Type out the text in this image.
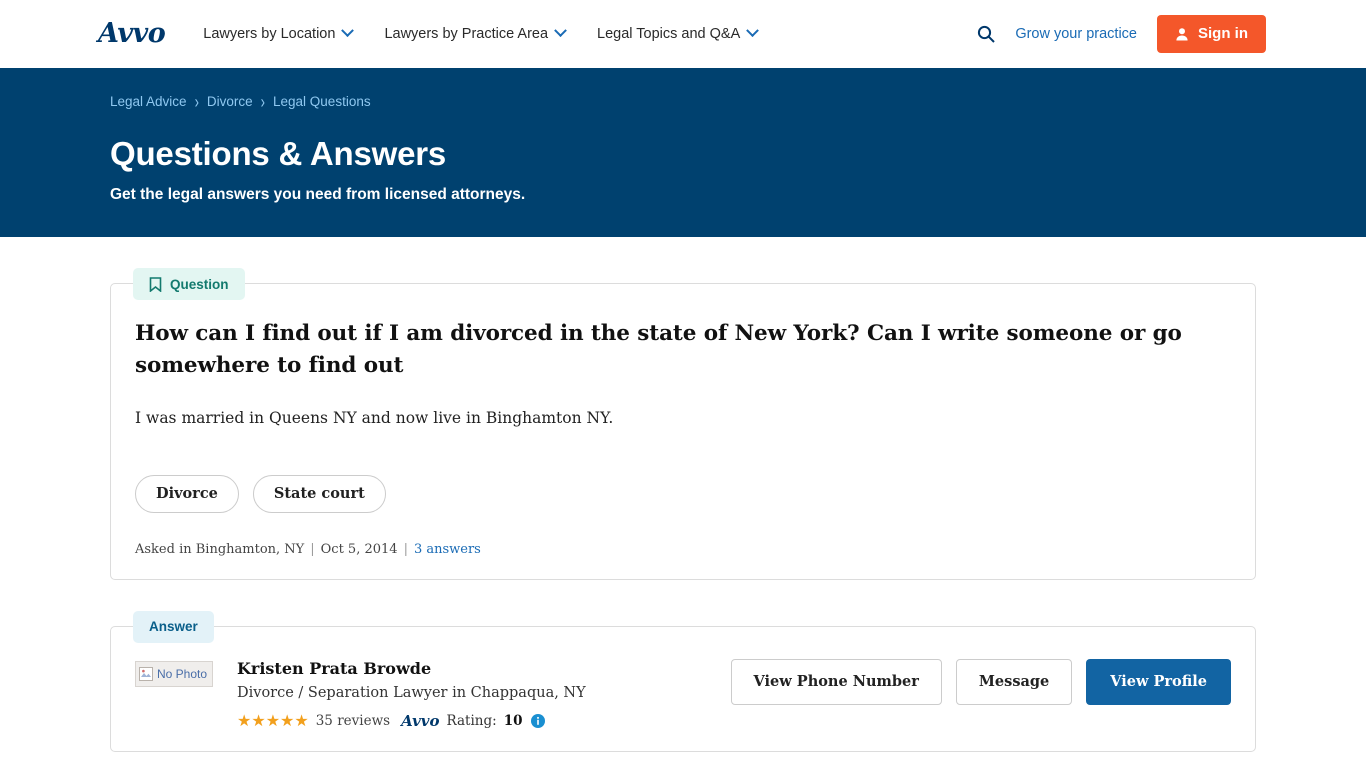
Avvo	Lawyers by Location	Lawyers by Practice Area	Legal Topics and Q&A	Grow your practice	Sign in
Legal Advice › Divorce › Legal Questions
Questions & Answers
Get the legal answers you need from licensed attorneys.
Question
How can I find out if I am divorced in the state of New York? Can I write someone or go somewhere to find out
I was married in Queens NY and now live in Binghamton NY.
Divorce	State court
Asked in Binghamton, NY | Oct 5, 2014 | 3 answers
Answer
No Photo Kristen Prata Browde
Divorce / Separation Lawyer in Chappaqua, NY
★★★★★ 35 reviews Avvo Rating: 10
View Phone Number	Message	View Profile
